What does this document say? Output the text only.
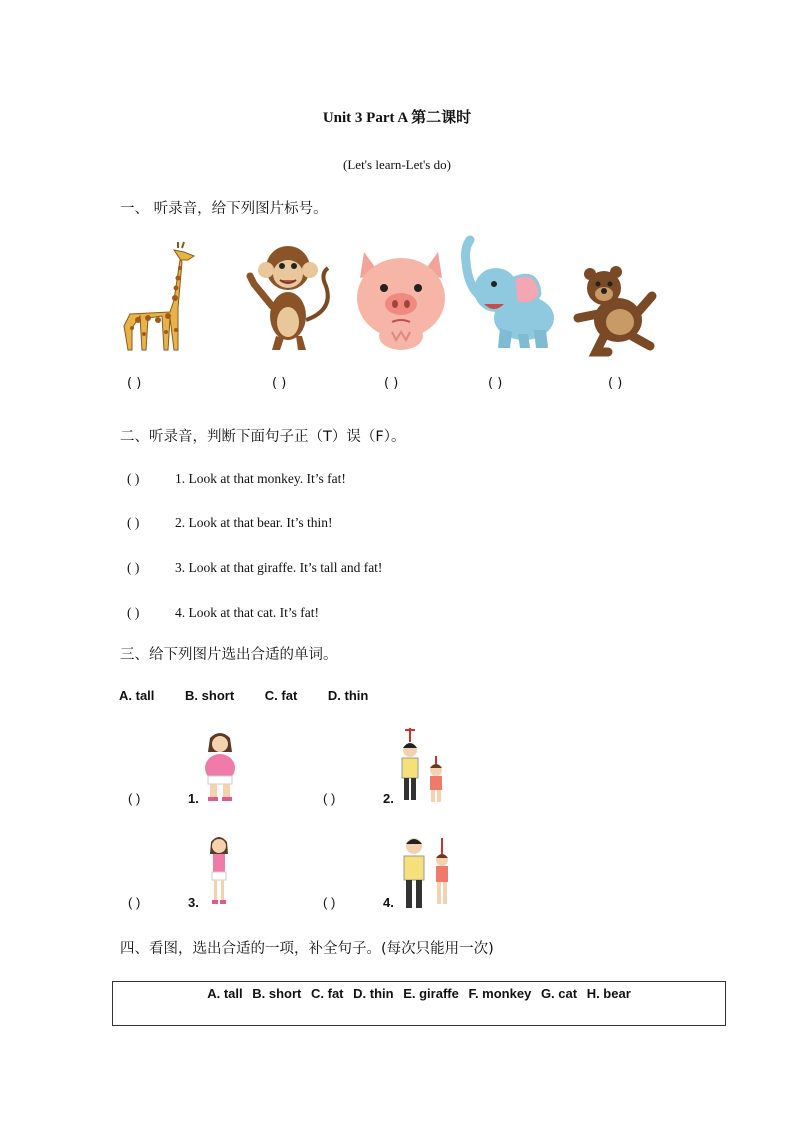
Unit 3 Part A 第二课时
(Let's learn-Let's do)
一、 听录音，给下列图片标号。
( )	( )	( )	( )	( )
二、听录音，判断下面句子正（T）误（F）。
( )	1. Look at that monkey. It’s fat!
( )	2. Look at that bear. It’s thin!
( )	3. Look at that giraffe. It’s tall and fat!
( )	4. Look at that cat. It’s fat!
三、给下列图片选出合适的单词。
A. tall B. short C. fat D. thin
( )	1.	( )	2.
( )	3.	( )	4.
四、看图，选出合适的一项，补全句子。(每次只能用一次)
A. tall B. short C. fat D. thin E. giraffe F. monkey G. cat H. bear
